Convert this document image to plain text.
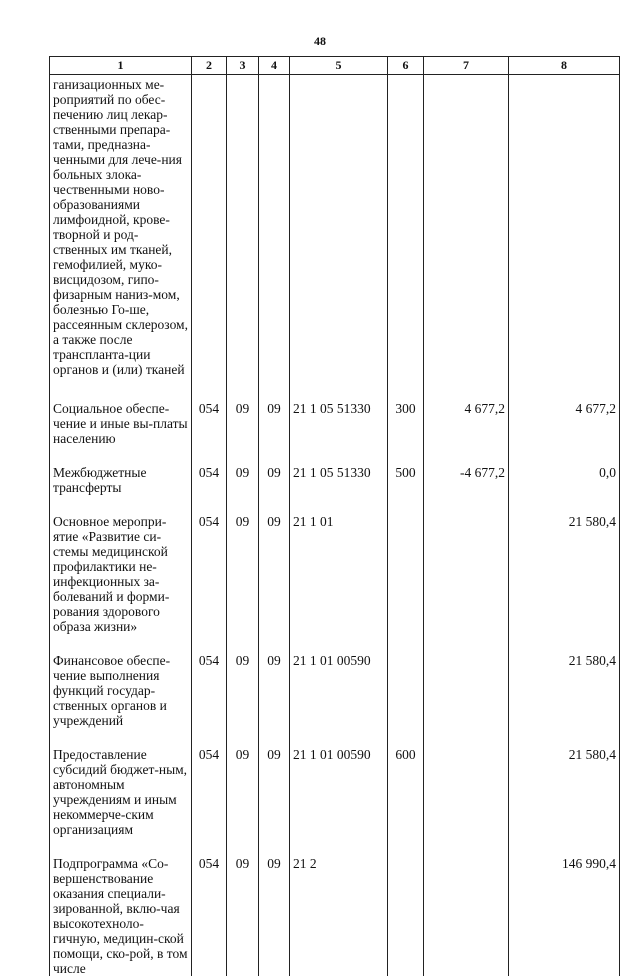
48
1	2	3	4	5	6	7	8
ганизационных ме-роприятий по обес-печению лиц лекар-ственными препара-тами, предназна-ченными для лече-ния больных злока-чественными ново-образованиями лимфоидной, крове-творной и род-ственных им тканей, гемофилией, муко-висцидозом, гипо-физарным наниз-мом, болезнью Го-ше, рассеянным склерозом, а также после транспланта-ции органов и (или) тканей							
Социальное обеспе-чение и иные вы-платы населению	054	09	09	21 1 05 51330	300	4 677,2	4 677,2
Межбюджетные трансферты	054	09	09	21 1 05 51330	500	-4 677,2	0,0
Основное меропри-ятие «Развитие си-стемы медицинской профилактики не-инфекционных за-болеваний и форми-рования здорового образа жизни»	054	09	09	21 1 01			21 580,4
Финансовое обеспе-чение выполнения функций государ-ственных органов и учреждений	054	09	09	21 1 01 00590			21 580,4
Предоставление субсидий бюджет-ным, автономным учреждениям и иным некоммерче-ским организациям	054	09	09	21 1 01 00590	600		21 580,4
Подпрограмма «Со-вершенствование оказания специали-зированной, вклю-чая высокотехноло-гичную, медицин-ской помощи, ско-рой, в том числе	054	09	09	21 2			146 990,4
